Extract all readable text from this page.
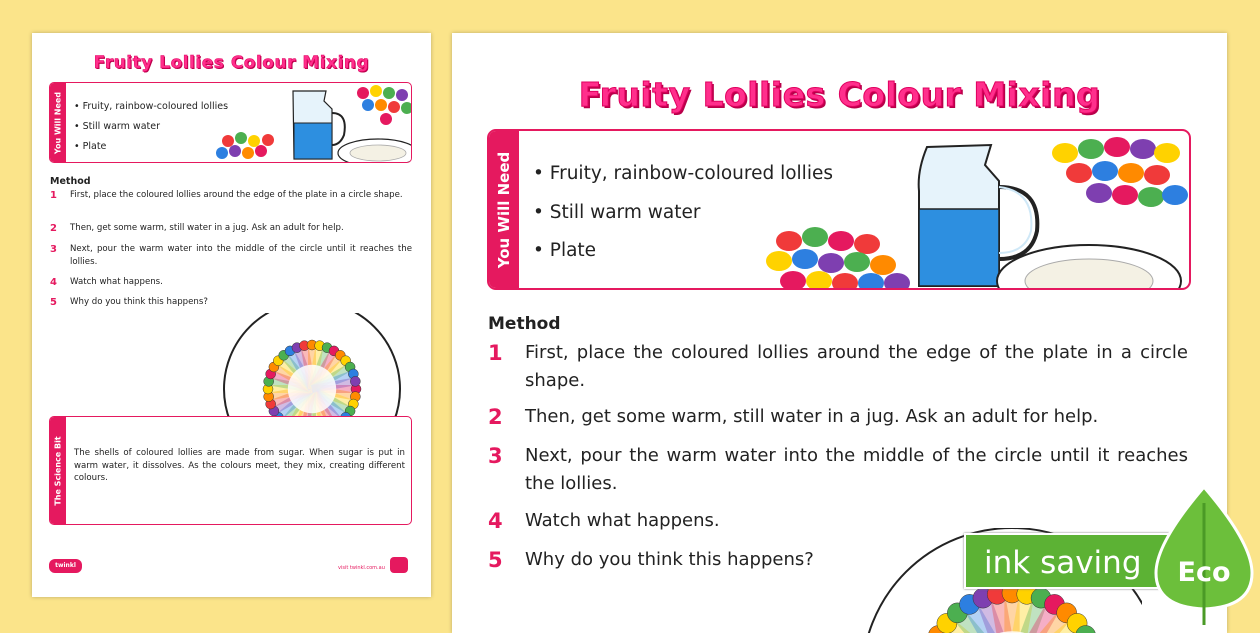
Fruity Lollies Colour Mixing
You Will Need • Fruity, rainbow-coloured lollies
• Still warm water
• Plate
Method
1	First, place the coloured lollies around the edge of the plate in a circle shape.
2	Then, get some warm, still water in a jug. Ask an adult for help.
3	Next, pour the warm water into the middle of the circle until it reaches the lollies.
4	Watch what happens.
5	Why do you think this happens?
The Science Bit The shells of coloured lollies are made from sugar. When sugar is put in warm water, it dissolves. As the colours meet, they mix, creating different colours.
twinkl	visit twinkl.com.au
Fruity Lollies Colour Mixing
You Will Need • Fruity, rainbow-coloured lollies
• Still warm water
• Plate
Method
1	First, place the coloured lollies around the edge of the plate in a circle shape.
2	Then, get some warm, still water in a jug. Ask an adult for help.
3	Next, pour the warm water into the middle of the circle until it reaches the lollies.
4	Watch what happens.
5	Why do you think this happens?	ink saving Eco
